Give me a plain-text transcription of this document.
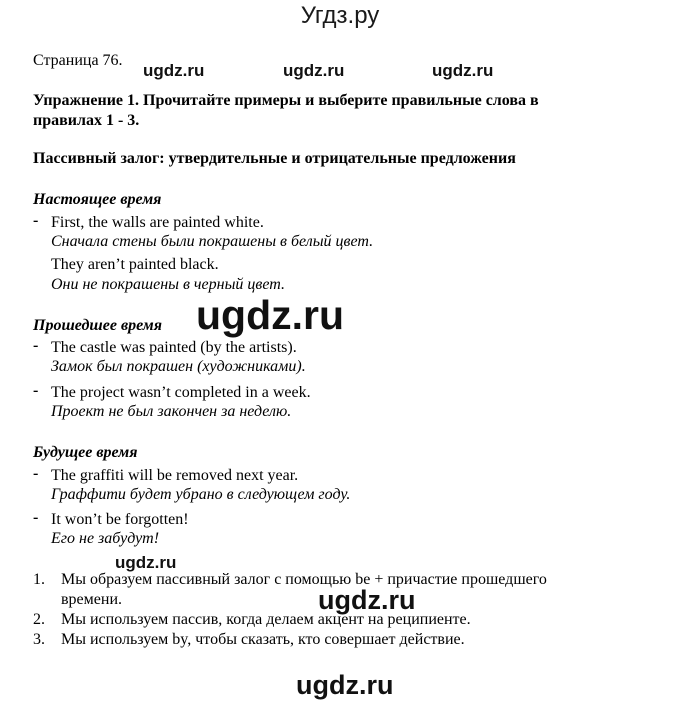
Угдз.ру
Страница 76.
ugdz.ru	ugdz.ru	ugdz.ru
Упражнение 1. Прочитайте примеры и выберите правильные слова в
правилах 1 - 3.
Пассивный залог: утвердительные и отрицательные предложения
Настоящее время
- First, the walls are painted white.
Сначала стены были покрашены в белый цвет.
They aren’t painted black.
Они не покрашены в черный цвет.
ugdz.ru
Прошедшее время
- The castle was painted (by the artists).
Замок был покрашен (художниками).
- The project wasn’t completed in a week.
Проект не был закончен за неделю.
Будущее время
- The graffiti will be removed next year.
Граффити будет убрано в следующем году.
- It won’t be forgotten!
Его не забудут!
ugdz.ru
1. Мы образуем пассивный залог с помощью be + причастие прошедшего
времени.	ugdz.ru
2. Мы используем пассив, когда делаем акцент на реципиенте.
3. Мы используем by, чтобы сказать, кто совершает действие.
ugdz.ru
